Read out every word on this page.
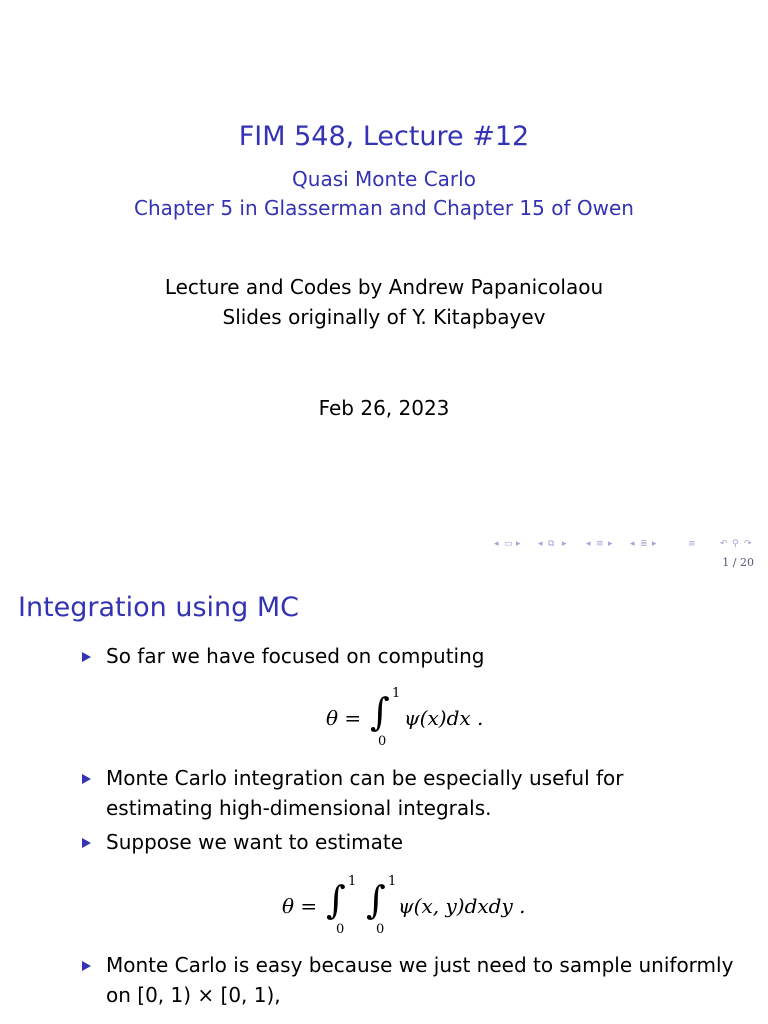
FIM 548, Lecture #12
Quasi Monte Carlo
Chapter 5 in Glasserman and Chapter 15 of Owen
Lecture and Codes by Andrew Papanicolaou
Slides originally of Y. Kitapbayev
Feb 26, 2023
◂ ▭ ▸ ◂ ⧉ ▸ ◂ ≡ ▸ ◂ ≣ ▸	≡	↶ ⚲ ↷
1 / 20
Integration using MC
So far we have focused on computing
θ = ∫ 1
0
ψ(x)dx .
Monte Carlo integration can be especially useful for
estimating high-dimensional integrals.
Suppose we want to estimate
θ = ∫ 1
0
∫ 1
0
ψ(x, y)dxdy .
Monte Carlo is easy because we just need to sample uniformly
on [0, 1) × [0, 1),
